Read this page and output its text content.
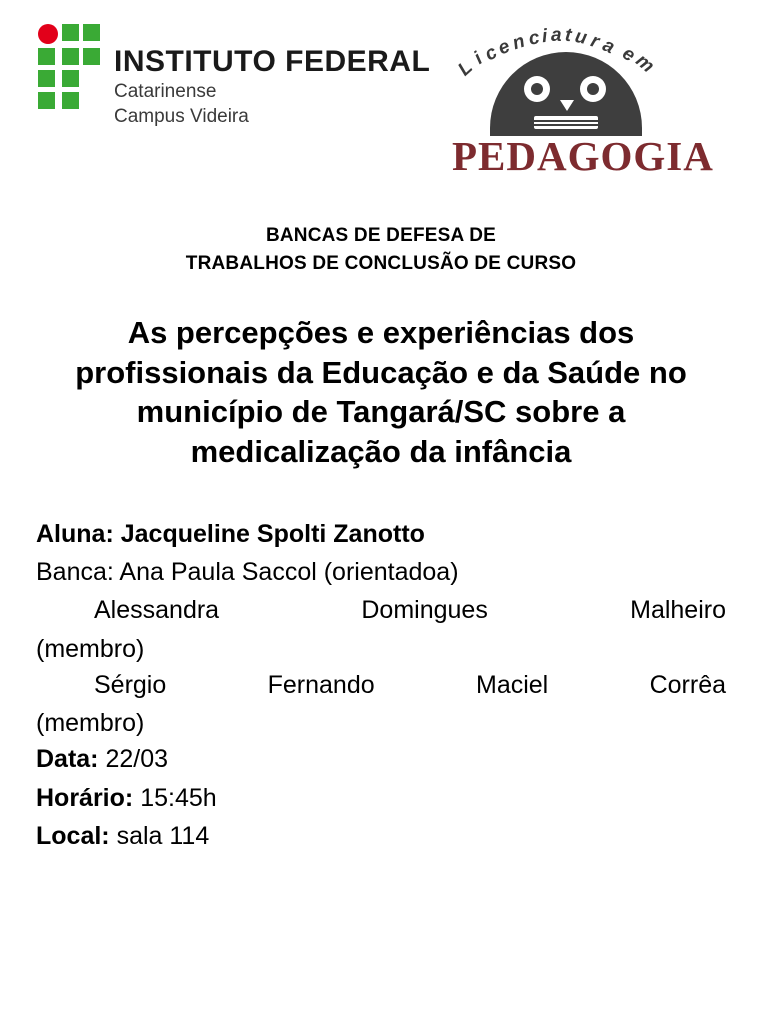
INSTITUTO FEDERAL
Catarinense
Campus Videira
L
i
c
e
n c i a t u r
a e
m
PEDAGOGIA
BANCAS DE DEFESA DE
TRABALHOS DE CONCLUSÃO DE CURSO
As percepções e experiências dos profissionais da Educação e da Saúde no município de Tangará/SC sobre a medicalização da infância
Aluna: Jacqueline Spolti Zanotto
Banca: Ana Paula Saccol (orientadoa)
Alessandra Domingues Malheiro
(membro)
Sérgio Fernando Maciel Corrêa
(membro)
Data: 22/03
Horário: 15:45h
Local: sala 114
